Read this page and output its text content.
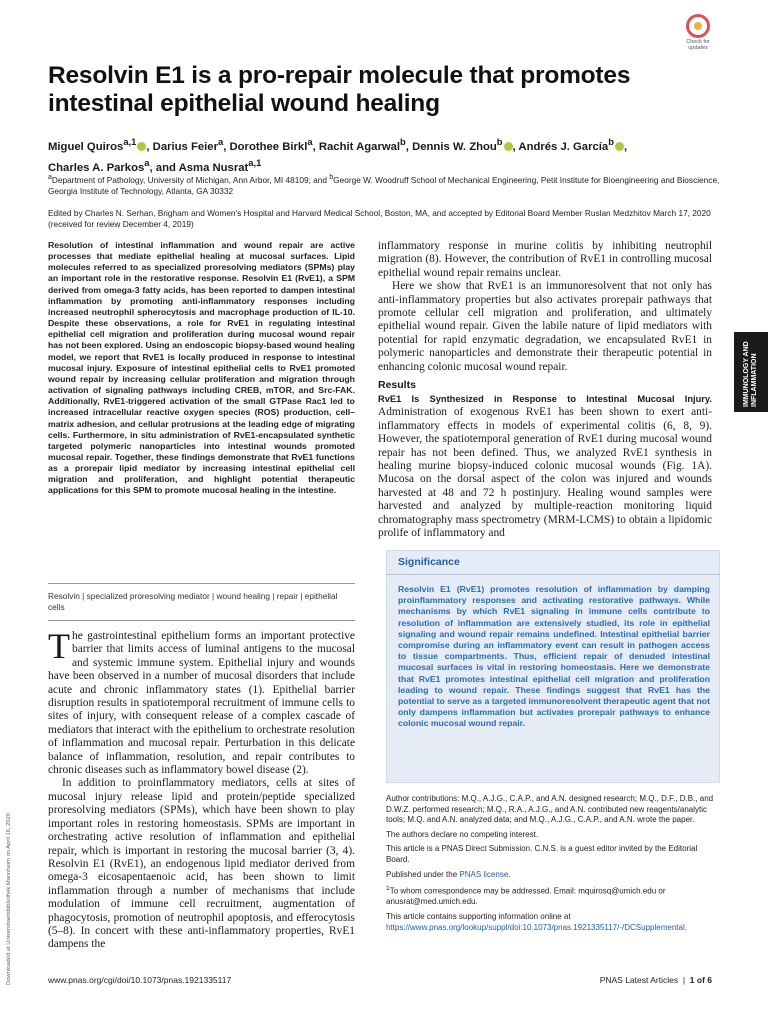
Check for updates
Resolvin E1 is a pro-repair molecule that promotes intestinal epithelial wound healing
Miguel Quiros$^{a,1}$ , Darius Feier$^a$, Dorothee Birkl$^a$, Rachit Agarwal$^b$, Dennis W. Zhou$^b$ , Andrés J. García$^b$ ,
Charles A. Parkos$^a$, and Asma Nusrat$^{a,1}$
$^a$Department of Pathology, University of Michigan, Ann Arbor, MI 48109; and $^b$George W. Woodruff School of Mechanical Engineering, Petit Institute for Bioengineering and Bioscience, Georgia Institute of Technology, Atlanta, GA 30332
Edited by Charles N. Serhan, Brigham and Women's Hospital and Harvard Medical School, Boston, MA, and accepted by Editorial Board Member Ruslan Medzhitov March 17, 2020 (received for review December 4, 2019)
Resolution of intestinal inflammation and wound repair are active processes that mediate epithelial healing at mucosal surfaces. Lipid molecules referred to as specialized proresolving mediators (SPMs) play an important role in the restorative response. Resolvin E1 (RvE1), a SPM derived from omega-3 fatty acids, has been reported to dampen intestinal inflammation by promoting anti-inflammatory responses including increased neutrophil spherocytosis and macrophage production of IL-10. Despite these observations, a role for RvE1 in regulating intestinal epithelial cell migration and proliferation during mucosal wound repair has not been explored. Using an endoscopic biopsy-based wound healing model, we report that RvE1 is locally produced in response to intestinal mucosal injury. Exposure of intestinal epithelial cells to RvE1 promoted wound repair by increasing cellular proliferation and migration through activation of signaling pathways including CREB, mTOR, and Src-FAK. Additionally, RvE1-triggered activation of the small GTPase Rac1 led to increased intracellular reactive oxygen species (ROS) production, cell–matrix adhesion, and cellular protrusions at the leading edge of migrating cells. Furthermore, in situ administration of RvE1-encapsulated synthetic targeted polymeric nanoparticles into intestinal wounds promoted mucosal repair. Together, these findings demonstrate that RvE1 functions as a prorepair lipid mediator by increasing intestinal epithelial cell migration and proliferation, and highlight potential therapeutic applications for this SPM to promote mucosal healing in the intestine.
Resolvin | specialized proresolving mediator | wound healing | repair | epithelial cells

The gastrointestinal epithelium forms an important protective barrier that limits access of luminal antigens to the mucosal and systemic immune system. Epithelial injury and wounds have been observed in a number of mucosal disorders that include acute and chronic inflammatory states (1). Epithelial barrier disruption results in spatiotemporal recruitment of immune cells to sites of injury, with consequent release of a complex cascade of mediators that interact with the epithelium to orchestrate resolution of inflammation and mucosal repair. Perturbation in this delicate balance of inflammation, resolution, and repair contributes to chronic diseases such as inflammatory bowel disease (2).

In addition to proinflammatory mediators, cells at sites of mucosal injury release lipid and protein/peptide specialized proresolving mediators (SPMs), which have been shown to play important roles in restoring homeostasis. SPMs are important in orchestrating active resolution of inflammation and epithelial repair, which is important in restoring the mucosal barrier (3, 4). Resolvin E1 (RvE1), an endogenous lipid mediator derived from omega-3 eicosapentaenoic acid, has been shown to limit inflammation through a number of mechanisms that include modulation of immune cell recruitment, augmentation of phagocytosis, promotion of neutrophil apoptosis, and efferocytosis (5–8). In concert with these anti-inflammatory properties, RvE1 dampens the

inflammatory response in murine colitis by inhibiting neutrophil migration (8). However, the contribution of RvE1 in controlling mucosal epithelial wound repair remains unclear.

Here we show that RvE1 is an immunoresolvent that not only has anti-inflammatory properties but also activates prorepair pathways that promote cellular cell migration and proliferation, and ultimately epithelial wound repair. Given the labile nature of lipid mediators with potential for rapid enzymatic degradation, we encapsulated RvE1 in polymeric nanoparticles and demonstrate their therapeutic potential in enhancing colonic mucosal wound repair.

Results
RvE1 Is Synthesized in Response to Intestinal Mucosal Injury. Administration of exogenous RvE1 has been shown to exert anti-inflammatory effects in models of experimental colitis (6, 8, 9). However, the spatiotemporal generation of RvE1 during mucosal wound repair has not been defined. Thus, we analyzed RvE1 synthesis in healing murine biopsy-induced colonic mucosal wounds (Fig. 1A). Mucosa on the dorsal aspect of the colon was injured and wounds harvested at 48 and 72 h postinjury. Healing wound samples were harvested and analyzed by multiple-reaction monitoring liquid chromatography mass spectrometry (MRM-LCMS) to obtain a lipidomic prolife of inflammatory and
Significance
Resolvin E1 (RvE1) promotes resolution of inflammation by damping proinflammatory responses and activating restorative pathways. While mechanisms by which RvE1 signaling in immune cells contribute to resolution of inflammation are extensively studied, its role in epithelial signaling and wound repair remains undefined. Intestinal epithelial barrier compromise during an inflammatory event can result in pathogen access to tissue compartments. Thus, efficient repair of denuded intestinal mucosal surfaces is vital in restoring homeostasis. Here we demonstrate that RvE1 promotes intestinal epithelial cell migration and proliferation leading to wound repair. These findings suggest that RvE1 has the potential to serve as a targeted immunoresolvent therapeutic agent that not only dampens inflammation but activates prorepair pathways to enhance colonic mucosal wound repair.

Author contributions: M.Q., A.J.G., C.A.P., and A.N. designed research; M.Q., D.F., D.B., and D.W.Z. performed research; M.Q., R.A., A.J.G., and A.N. contributed new reagents/analytic tools; M.Q. and A.N. analyzed data; and M.Q., A.J.G., C.A.P., and A.N. wrote the paper.

The authors declare no competing interest.

This article is a PNAS Direct Submission. C.N.S. is a guest editor invited by the Editorial Board.

Published under the PNAS license.

$^1$To whom correspondence may be addressed. Email: mquirosq@umich.edu or anusrat@med.umich.edu.

This article contains supporting information online at https://www.pnas.org/lookup/suppl/doi:10.1073/pnas.1921335117/-/DCSupplemental.

IMMUNOLOGY AND
INFLAMMATION
Downloaded at Universitaetsbibliothek Mannheim on April 16, 2020	www.pnas.org/cgi/doi/10.1073/pnas.1921335117	PNAS Latest Articles | 1 of 6
